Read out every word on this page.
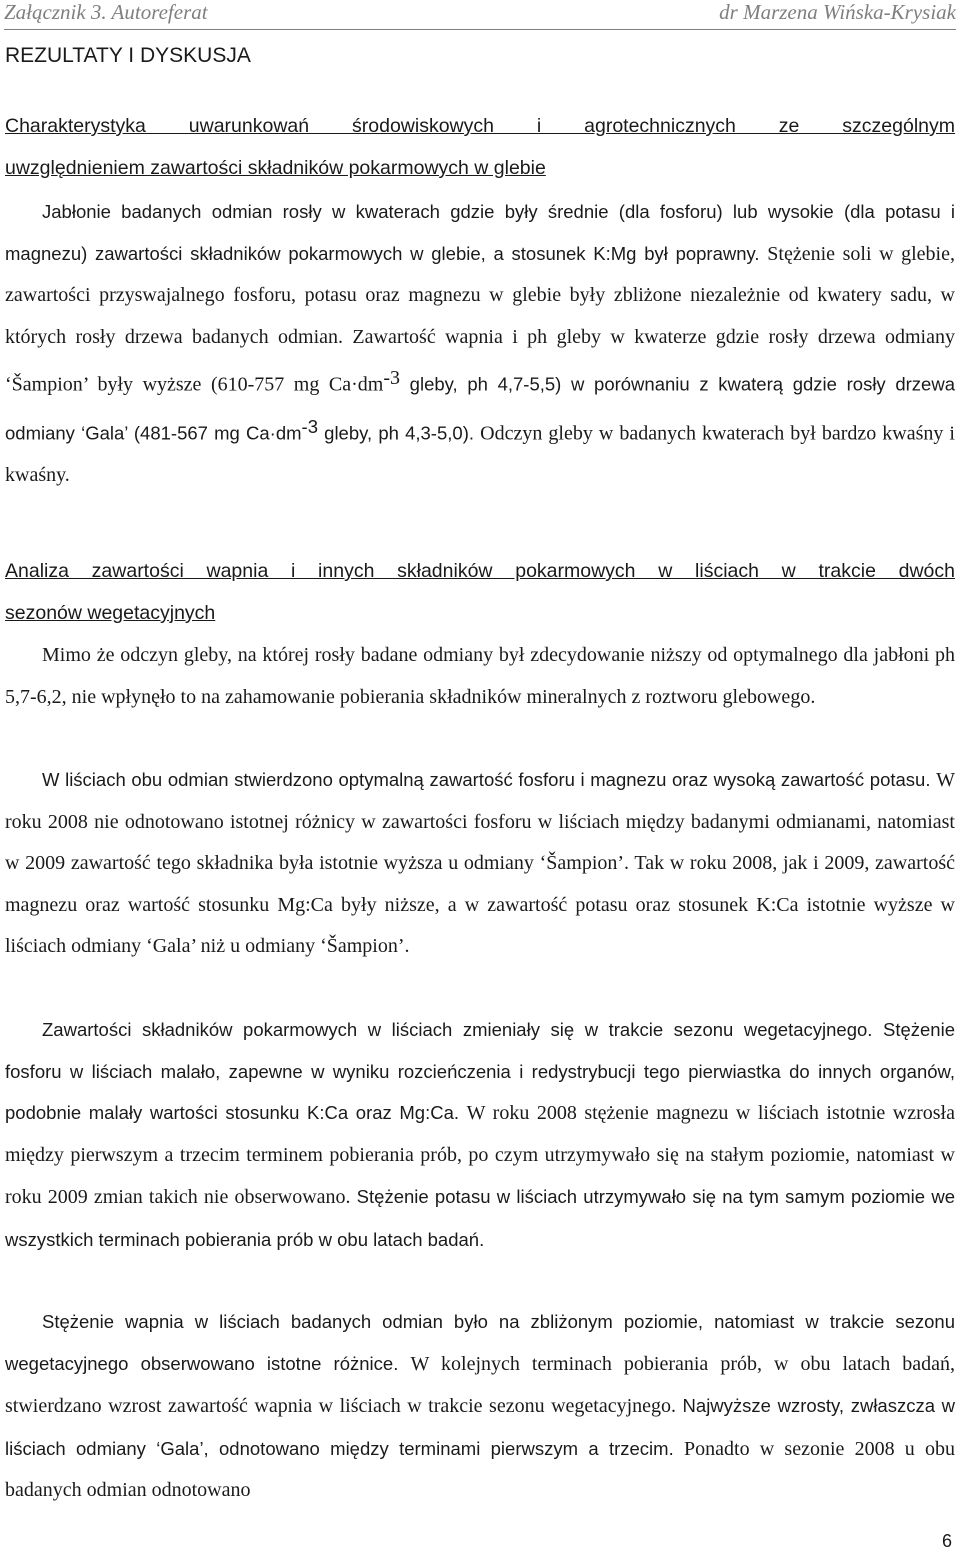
Załącznik 3. Autoreferat	dr Marzena Wińska-Krysiak
REZULTATY I DYSKUSJA
Charakterystyka uwarunkowań środowiskowych i agrotechnicznych ze szczególnym
uwzględnieniem zawartości składników pokarmowych w glebie

Jabłonie badanych odmian rosły w kwaterach gdzie były średnie (dla fosforu) lub wysokie (dla potasu i magnezu) zawartości składników pokarmowych w glebie, a stosunek K:Mg był poprawny. Stężenie soli w glebie, zawartości przyswajalnego fosforu, potasu oraz magnezu w glebie były zbliżone niezależnie od kwatery sadu, w których rosły drzewa badanych odmian. Zawartość wapnia i ph gleby w kwaterze gdzie rosły drzewa odmiany ‘Šampion’ były wyższe (610-757 mg $Ca\cdot dm^{-3}$ gleby, ph 4,7-5,5) w porównaniu z kwaterą gdzie rosły drzewa odmiany ‘Gala’ (481-567 mg $Ca\cdot dm^{-3}$ gleby, ph 4,3-5,0). Odczyn gleby w badanych kwaterach był bardzo kwaśny i kwaśny.

Analiza zawartości wapnia i innych składników pokarmowych w liściach w trakcie dwóch
sezonów wegetacyjnych

Mimo że odczyn gleby, na której rosły badane odmiany był zdecydowanie niższy od optymalnego dla jabłoni ph 5,7-6,2, nie wpłynęło to na zahamowanie pobierania składników mineralnych z roztworu glebowego.

W liściach obu odmian stwierdzono optymalną zawartość fosforu i magnezu oraz wysoką zawartość potasu. W roku 2008 nie odnotowano istotnej różnicy w zawartości fosforu w liściach między badanymi odmianami, natomiast w 2009 zawartość tego składnika była istotnie wyższa u odmiany ‘Šampion’. Tak w roku 2008, jak i 2009, zawartość magnezu oraz wartość stosunku Mg:Ca były niższe, a w zawartość potasu oraz stosunek K:Ca istotnie wyższe w liściach odmiany ‘Gala’ niż u odmiany ‘Šampion’.

Zawartości składników pokarmowych w liściach zmieniały się w trakcie sezonu wegetacyjnego. Stężenie fosforu w liściach malało, zapewne w wyniku rozcieńczenia i redystrybucji tego pierwiastka do innych organów, podobnie malały wartości stosunku K:Ca oraz Mg:Ca. W roku 2008 stężenie magnezu w liściach istotnie wzrosła między pierwszym a trzecim terminem pobierania prób, po czym utrzymywało się na stałym poziomie, natomiast w roku 2009 zmian takich nie obserwowano. Stężenie potasu w liściach utrzymywało się na tym samym poziomie we wszystkich terminach pobierania prób w obu latach badań.

Stężenie wapnia w liściach badanych odmian było na zbliżonym poziomie, natomiast w trakcie sezonu wegetacyjnego obserwowano istotne różnice. W kolejnych terminach pobierania prób, w obu latach badań, stwierdzano wzrost zawartość wapnia w liściach w trakcie sezonu wegetacyjnego. Najwyższe wzrosty, zwłaszcza w liściach odmiany ‘Gala’, odnotowano między terminami pierwszym a trzecim. Ponadto w sezonie 2008 u obu badanych odmian odnotowano

6
